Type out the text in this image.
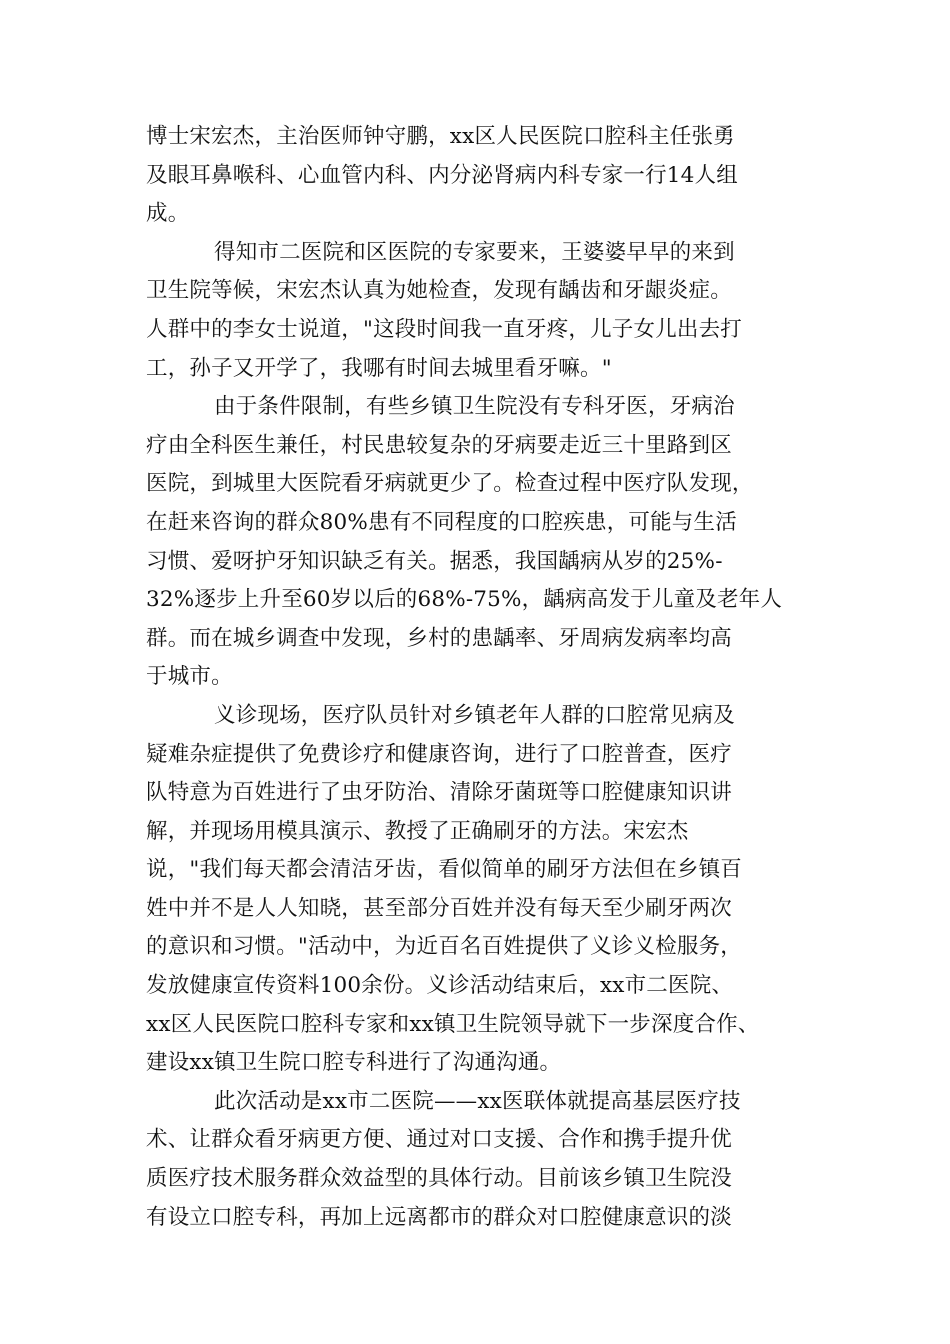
博士宋宏杰，主治医师钟守鹏，xx区人民医院口腔科主任张勇
及眼耳鼻喉科、心血管内科、内分泌肾病内科专家一行14人组
成。
得知市二医院和区医院的专家要来，王婆婆早早的来到
卫生院等候，宋宏杰认真为她检查，发现有龋齿和牙龈炎症。
人群中的李女士说道，"这段时间我一直牙疼，儿子女儿出去打
工，孙子又开学了，我哪有时间去城里看牙嘛。"
由于条件限制，有些乡镇卫生院没有专科牙医，牙病治
疗由全科医生兼任，村民患较复杂的牙病要走近三十里路到区
医院，到城里大医院看牙病就更少了。检查过程中医疗队发现，
在赶来咨询的群众80%患有不同程度的口腔疾患，可能与生活
习惯、爱呀护牙知识缺乏有关。据悉，我国龋病从岁的25%-
32%逐步上升至60岁以后的68%-75%，龋病高发于儿童及老年人
群。而在城乡调查中发现，乡村的患龋率、牙周病发病率均高
于城市。
义诊现场，医疗队员针对乡镇老年人群的口腔常见病及
疑难杂症提供了免费诊疗和健康咨询，进行了口腔普查，医疗
队特意为百姓进行了虫牙防治、清除牙菌斑等口腔健康知识讲
解，并现场用模具演示、教授了正确刷牙的方法。宋宏杰
说，"我们每天都会清洁牙齿，看似简单的刷牙方法但在乡镇百
姓中并不是人人知晓，甚至部分百姓并没有每天至少刷牙两次
的意识和习惯。"活动中，为近百名百姓提供了义诊义检服务，
发放健康宣传资料100余份。义诊活动结束后，xx市二医院、
xx区人民医院口腔科专家和xx镇卫生院领导就下一步深度合作、
建设xx镇卫生院口腔专科进行了沟通沟通。
此次活动是xx市二医院——xx医联体就提高基层医疗技
术、让群众看牙病更方便、通过对口支援、合作和携手提升优
质医疗技术服务群众效益型的具体行动。目前该乡镇卫生院没
有设立口腔专科，再加上远离都市的群众对口腔健康意识的淡
